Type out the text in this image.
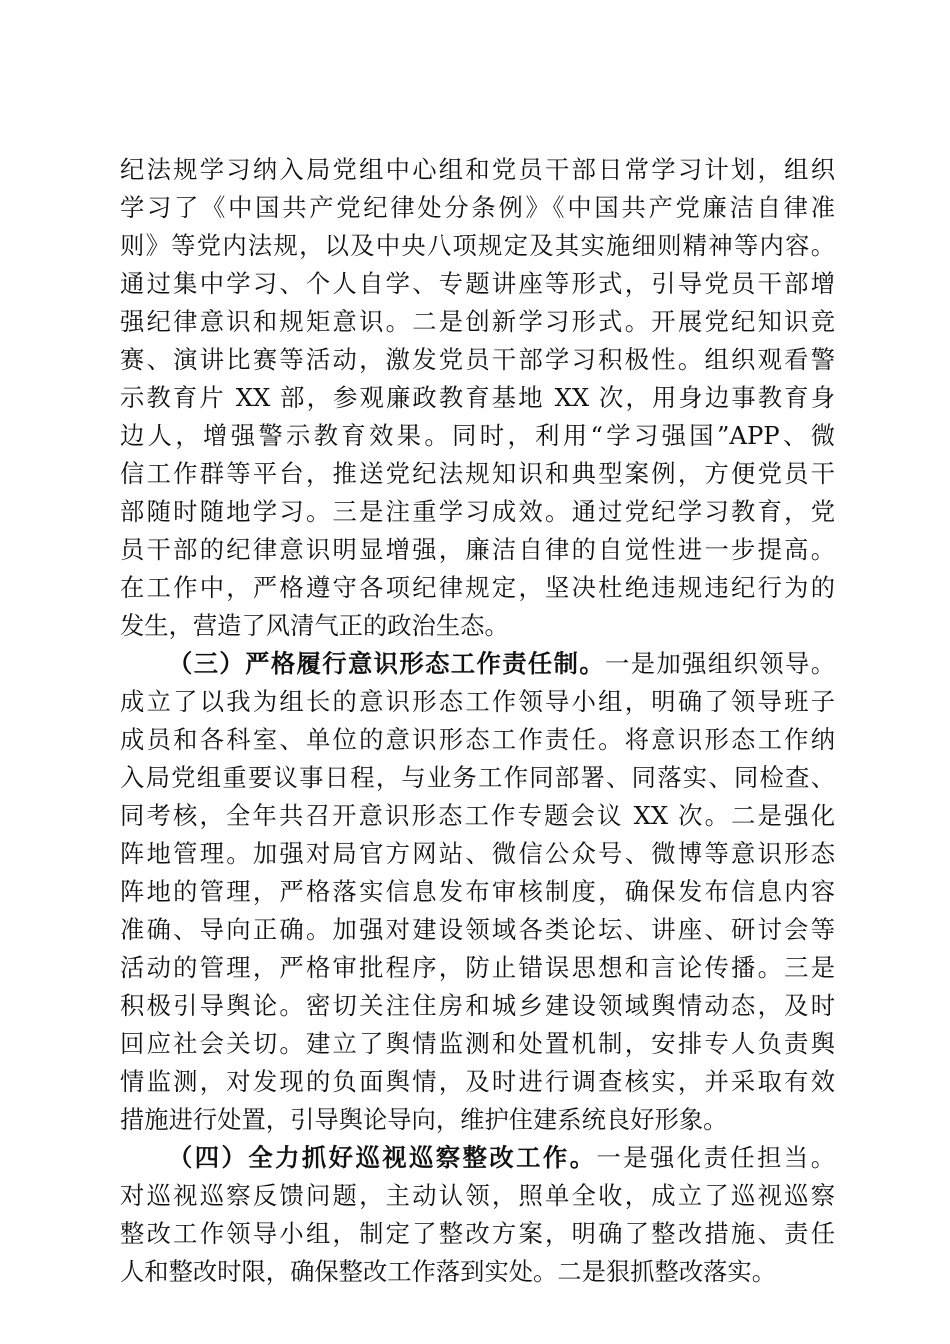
纪法规学习纳入局党组中心组和党员干部日常学习计划，组织
学习了《中国共产党纪律处分条例》《中国共产党廉洁自律准
则》等党内法规，以及中央八项规定及其实施细则精神等内容。
通过集中学习、个人自学、专题讲座等形式，引导党员干部增
强纪律意识和规矩意识。二是创新学习形式。开展党纪知识竞
赛、演讲比赛等活动，激发党员干部学习积极性。组织观看警
示教育片 XX 部，参观廉政教育基地 XX 次，用身边事教育身
边人，增强警示教育效果。同时，利用“学习强国”APP、微
信工作群等平台，推送党纪法规知识和典型案例，方便党员干
部随时随地学习。三是注重学习成效。通过党纪学习教育，党
员干部的纪律意识明显增强，廉洁自律的自觉性进一步提高。
在工作中，严格遵守各项纪律规定，坚决杜绝违规违纪行为的
发生，营造了风清气正的政治生态。
（三）严格履行意识形态工作责任制。一是加强组织领导。
成立了以我为组长的意识形态工作领导小组，明确了领导班子
成员和各科室、单位的意识形态工作责任。将意识形态工作纳
入局党组重要议事日程，与业务工作同部署、同落实、同检查、
同考核，全年共召开意识形态工作专题会议 XX 次。二是强化
阵地管理。加强对局官方网站、微信公众号、微博等意识形态
阵地的管理，严格落实信息发布审核制度，确保发布信息内容
准确、导向正确。加强对建设领域各类论坛、讲座、研讨会等
活动的管理，严格审批程序，防止错误思想和言论传播。三是
积极引导舆论。密切关注住房和城乡建设领域舆情动态，及时
回应社会关切。建立了舆情监测和处置机制，安排专人负责舆
情监测，对发现的负面舆情，及时进行调查核实，并采取有效
措施进行处置，引导舆论导向，维护住建系统良好形象。
（四）全力抓好巡视巡察整改工作。一是强化责任担当。
对巡视巡察反馈问题，主动认领，照单全收，成立了巡视巡察
整改工作领导小组，制定了整改方案，明确了整改措施、责任
人和整改时限，确保整改工作落到实处。二是狠抓整改落实。
